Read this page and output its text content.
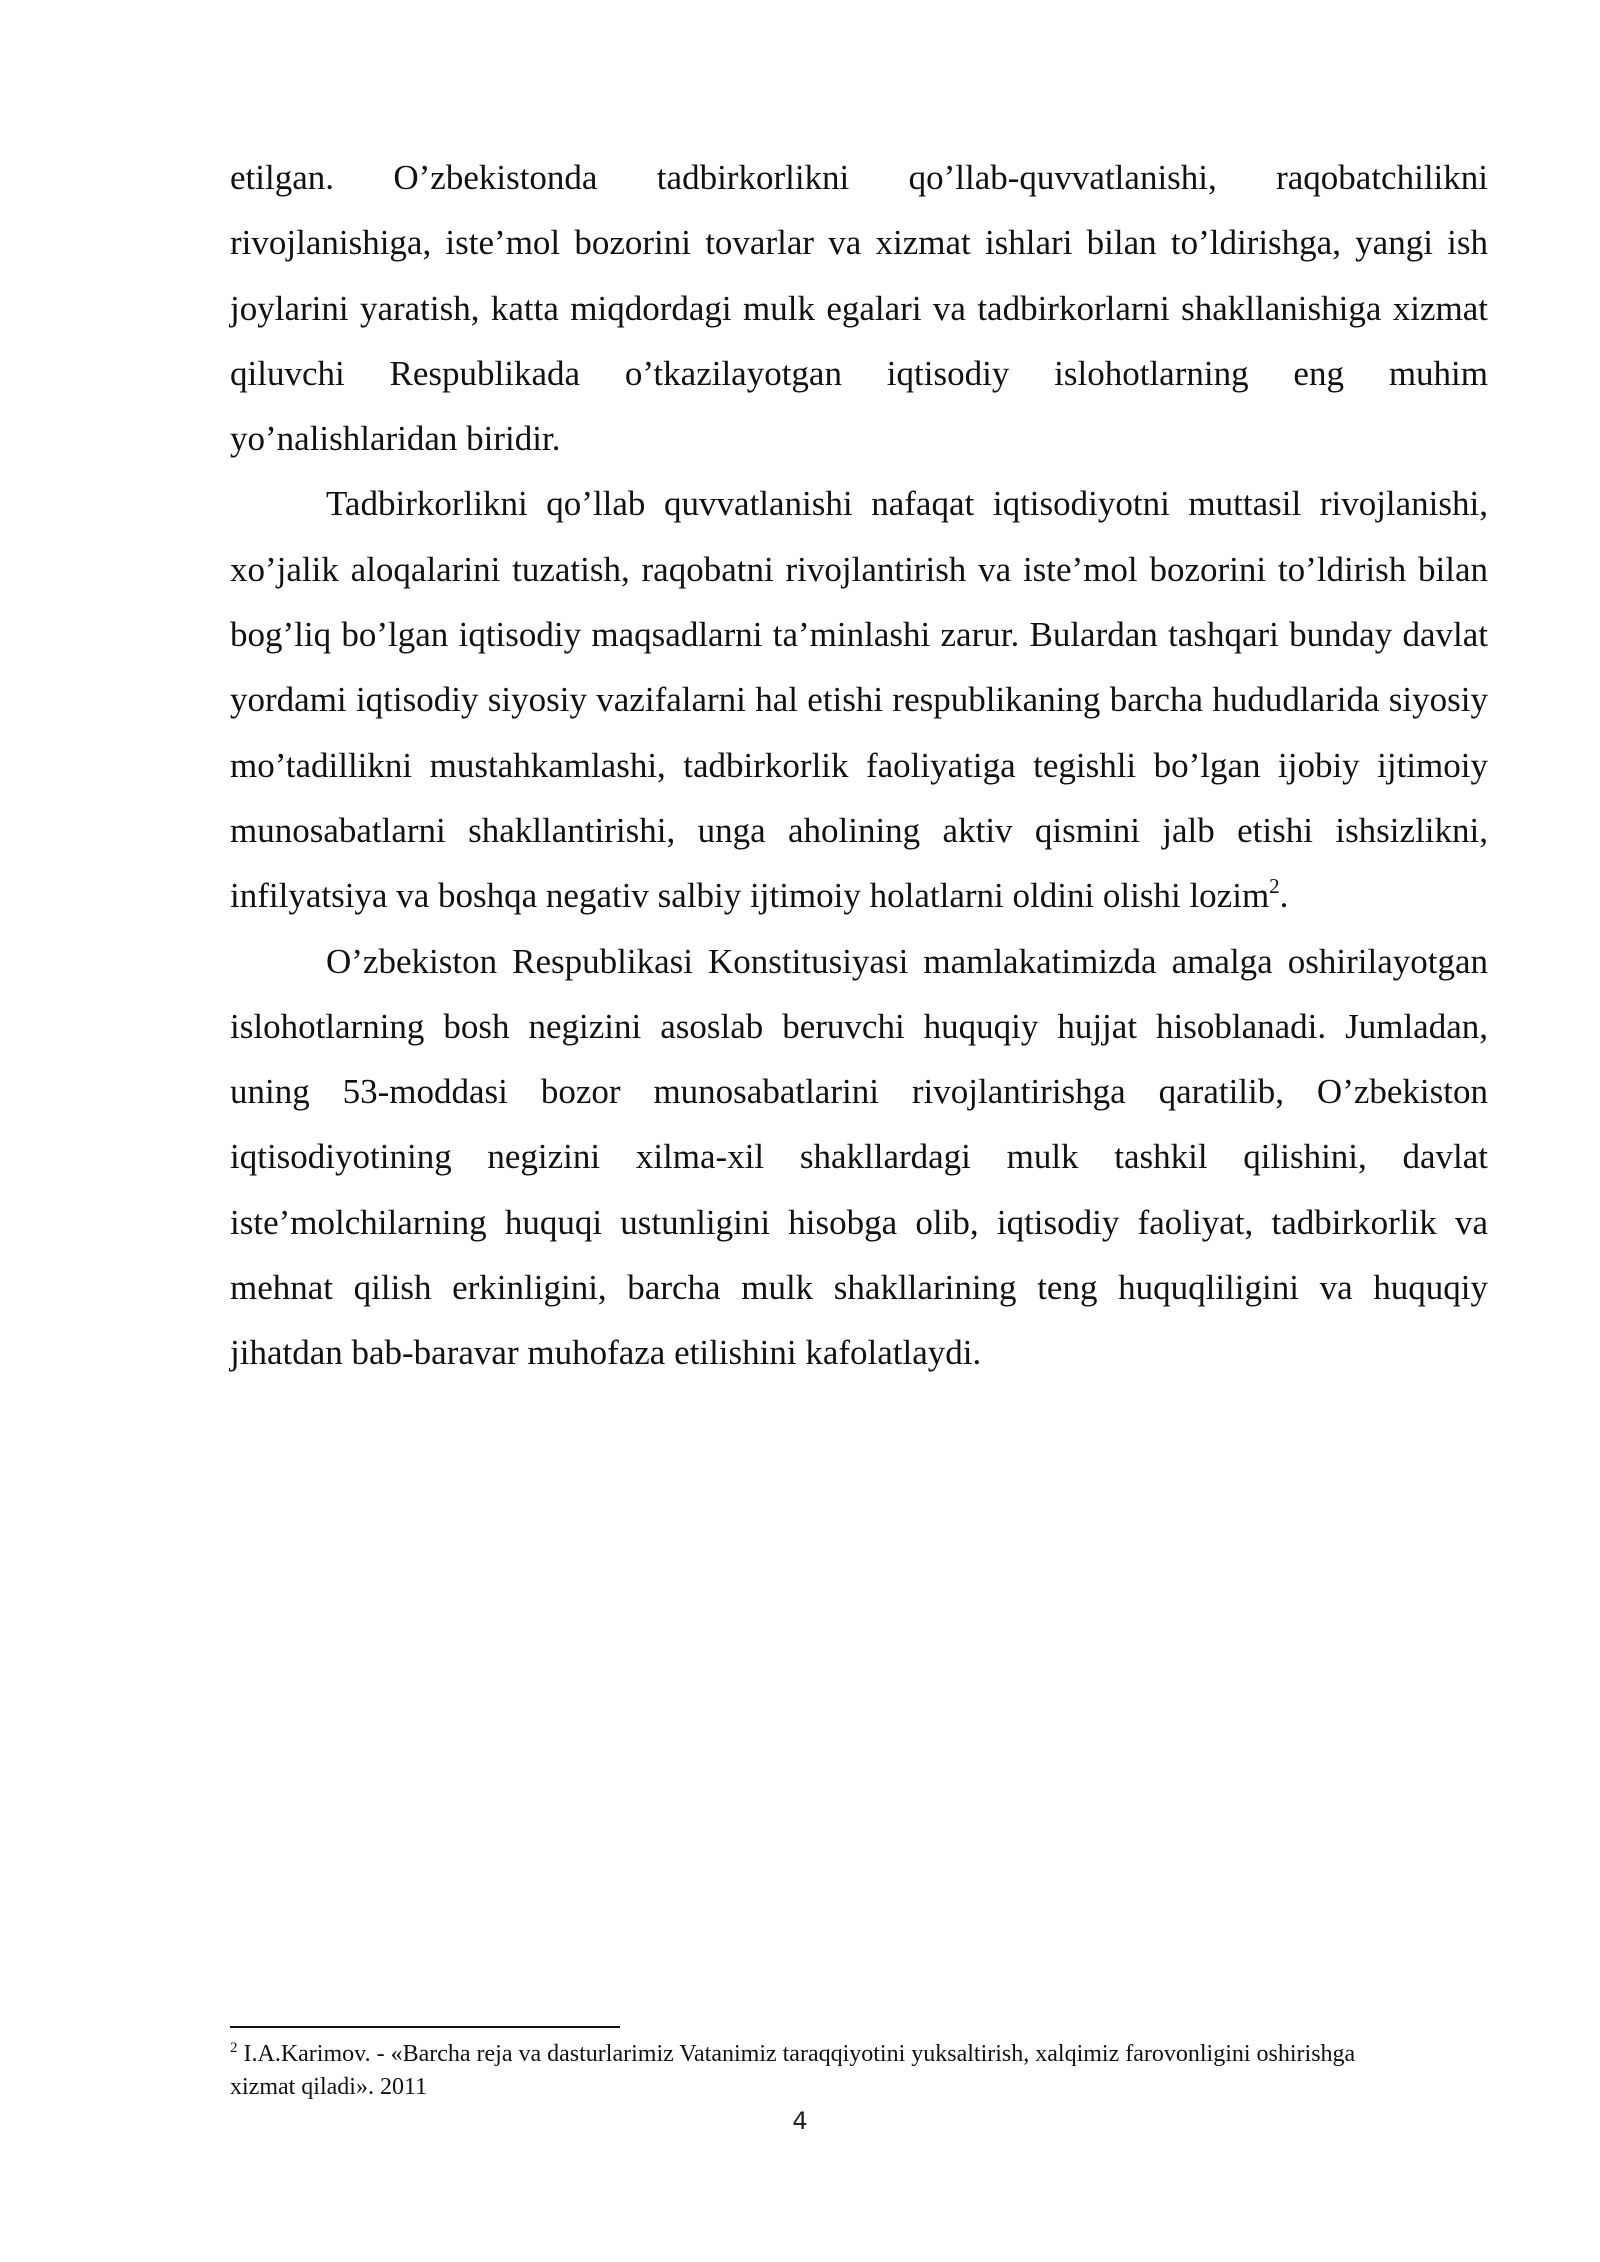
etilgan. O’zbekistonda tadbirkorlikni qo’llab-quvvatlanishi, raqobatchilikni rivojlanishiga, iste’mol bozorini tovarlar va xizmat ishlari bilan to’ldirishga, yangi ish joylarini yaratish, katta miqdordagi mulk egalari va tadbirkorlarni shakllanishiga xizmat qiluvchi Respublikada o’tkazilayotgan iqtisodiy islohotlarning eng muhim yo’nalishlaridan biridir.

Tadbirkorlikni qo’llab quvvatlanishi nafaqat iqtisodiyotni muttasil rivojlanishi, xo’jalik aloqalarini tuzatish, raqobatni rivojlantirish va iste’mol bozorini to’ldirish bilan bog’liq bo’lgan iqtisodiy maqsadlarni ta’minlashi zarur. Bulardan tashqari bunday davlat yordami iqtisodiy siyosiy vazifalarni hal etishi respublikaning barcha hududlarida siyosiy mo’tadillikni mustahkamlashi, tadbirkorlik faoliyatiga tegishli bo’lgan ijobiy ijtimoiy munosabatlarni shakllantirishi, unga aholining aktiv qismini jalb etishi ishsizlikni, infilyatsiya va boshqa negativ salbiy ijtimoiy holatlarni oldini olishi lozim$^2$.

O’zbekiston Respublikasi Konstitusiyasi mamlakatimizda amalga oshirilayotgan islohotlarning bosh negizini asoslab beruvchi huquqiy hujjat hisoblanadi. Jumladan, uning 53-moddasi bozor munosabatlarini rivojlantirishga qaratilib, O’zbekiston iqtisodiyotining negizini xilma-xil shakllardagi mulk tashkil qilishini, davlat iste’molchilarning huquqi ustunligini hisobga olib, iqtisodiy faoliyat, tadbirkorlik va mehnat qilish erkinligini, barcha mulk shakllarining teng huquqliligini va huquqiy jihatdan bab-baravar muhofaza etilishini kafolatlaydi.

$^2$ I.A.Karimov. - «Barcha reja va dasturlarimiz Vatanimiz taraqqiyotini yuksaltirish, xalqimiz farovonligini oshirishga xizmat qiladi». 2011

4
